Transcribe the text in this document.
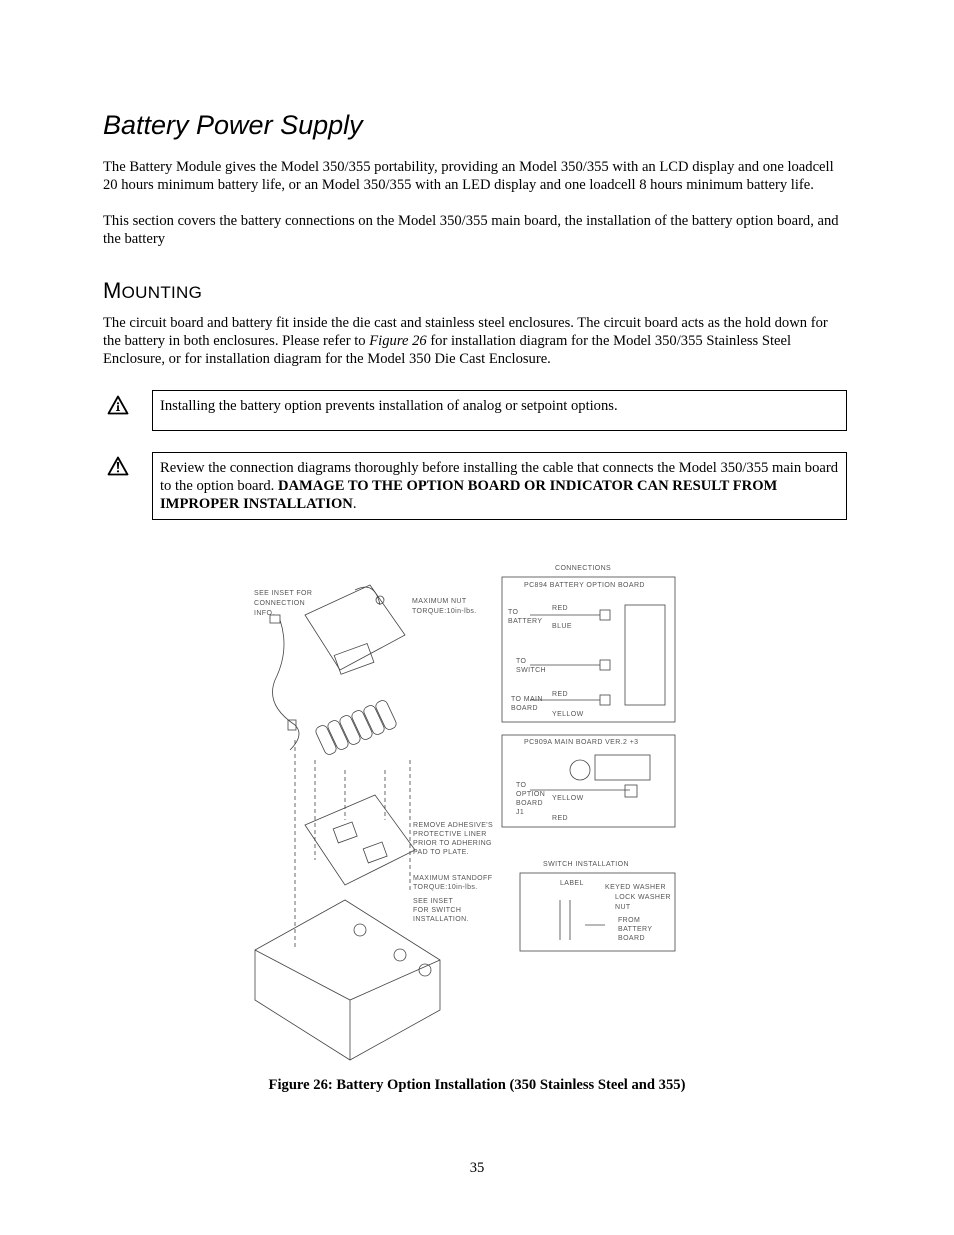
Battery Power Supply

The Battery Module gives the Model 350/355 portability, providing an Model 350/355 with an LCD display and one loadcell 20 hours minimum battery life, or an Model 350/355 with an LED display and one loadcell 8 hours minimum battery life.

This section covers the battery connections on the Model 350/355 main board, the installation of the battery option board, and the battery

MOUNTING

The circuit board and battery fit inside the die cast and stainless steel enclosures. The circuit board acts as the hold down for the battery in both enclosures. Please refer to Figure 26 for installation diagram for the Model 350/355 Stainless Steel Enclosure, or for installation diagram for the Model 350 Die Cast Enclosure.

Installing the battery option prevents installation of analog or setpoint options.
Review the connection diagrams thoroughly before installing the cable that connects the Model 350/355 main board to the option board. DAMAGE TO THE OPTION BOARD OR INDICATOR CAN RESULT FROM IMPROPER INSTALLATION.
SEE INSET FOR
CONNECTION
INFO.
MAXIMUM NUT
TORQUE:10in-lbs.
REMOVE ADHESIVE'S
PROTECTIVE LINER
PRIOR TO ADHERING
PAD TO PLATE.
MAXIMUM STANDOFF
TORQUE:10in-lbs.
SEE INSET
FOR SWITCH
INSTALLATION.
CONNECTIONS
PC894 BATTERY OPTION BOARD
TO
BATTERY
RED
BLUE
TO
SWITCH
TO MAIN
BOARD
RED
YELLOW
PC909A MAIN BOARD VER.2 +3
TO
OPTION
BOARD
J1
YELLOW
RED
SWITCH INSTALLATION
LABEL
KEYED WASHER
LOCK WASHER
NUT
FROM
BATTERY
BOARD
Figure 26: Battery Option Installation (350 Stainless Steel and 355)
35
